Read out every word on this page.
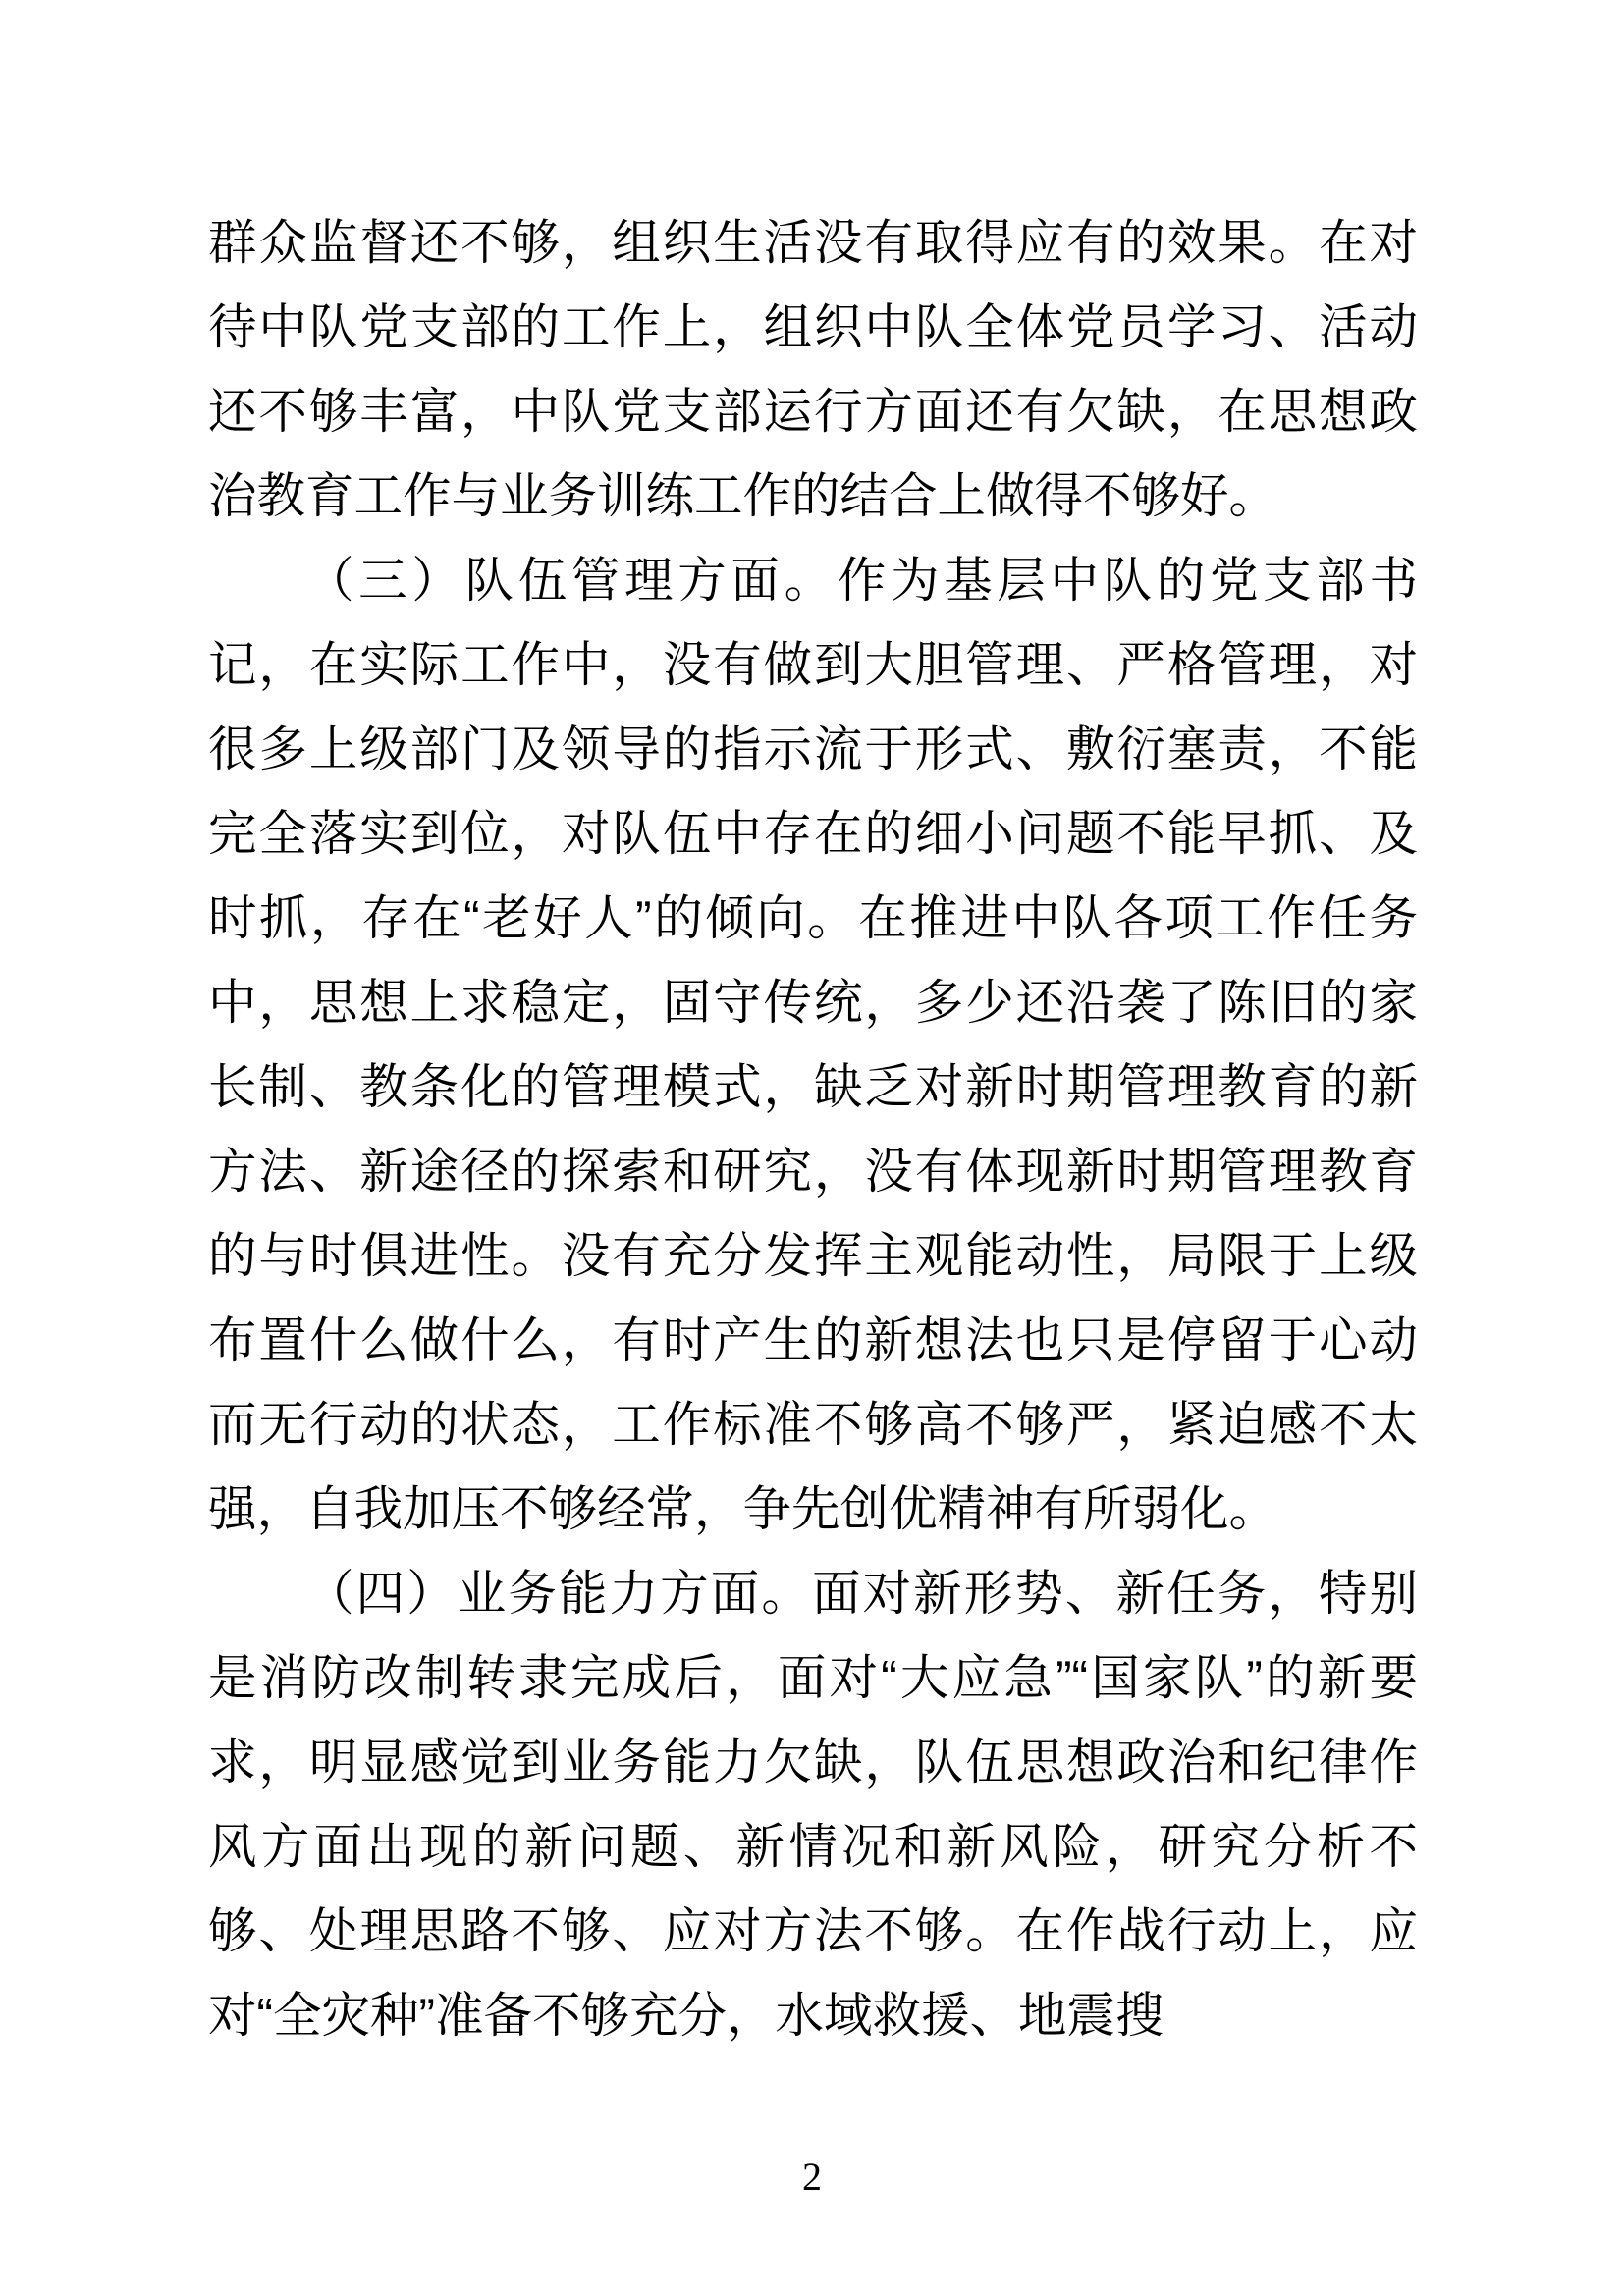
群众监督还不够，组织生活没有取得应有的效果。在对待中队党支部的工作上，组织中队全体党员学习、活动还不够丰富，中队党支部运行方面还有欠缺，在思想政治教育工作与业务训练工作的结合上做得不够好。

（三）队伍管理方面。作为基层中队的党支部书记，在实际工作中，没有做到大胆管理、严格管理，对很多上级部门及领导的指示流于形式、敷衍塞责，不能完全落实到位，对队伍中存在的细小问题不能早抓、及时抓，存在“老好人”的倾向。在推进中队各项工作任务中，思想上求稳定，固守传统，多少还沿袭了陈旧的家长制、教条化的管理模式，缺乏对新时期管理教育的新方法、新途径的探索和研究，没有体现新时期管理教育的与时俱进性。没有充分发挥主观能动性，局限于上级布置什么做什么，有时产生的新想法也只是停留于心动而无行动的状态，工作标准不够高不够严，紧迫感不太强，自我加压不够经常，争先创优精神有所弱化。

（四）业务能力方面。面对新形势、新任务，特别是消防改制转隶完成后，面对“大应急”“国家队”的新要求，明显感觉到业务能力欠缺，队伍思想政治和纪律作风方面出现的新问题、新情况和新风险，研究分析不够、处理思路不够、应对方法不够。在作战行动上，应对“全灾种”准备不够充分，水域救援、地震搜

2
